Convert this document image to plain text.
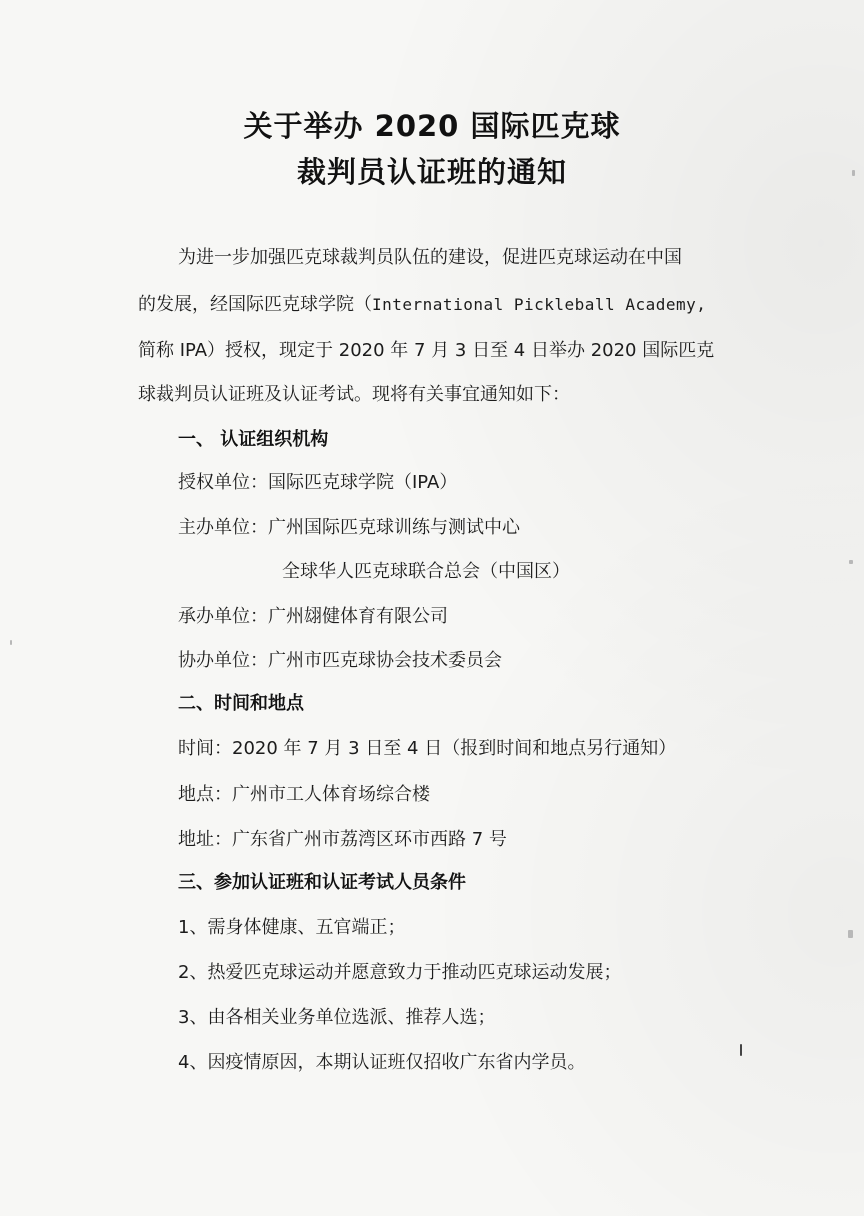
关于举办 2020 国际匹克球
裁判员认证班的通知

为进一步加强匹克球裁判员队伍的建设，促进匹克球运动在中国

的发展，经国际匹克球学院（International Pickleball Academy,

简称 IPA）授权，现定于 2020 年 7 月 3 日至 4 日举办 2020 国际匹克

球裁判员认证班及认证考试。现将有关事宜通知如下：

一、 认证组织机构

授权单位：国际匹克球学院（IPA）

主办单位：广州国际匹克球训练与测试中心

全球华人匹克球联合总会（中国区）

承办单位：广州翃健体育有限公司

协办单位：广州市匹克球协会技术委员会

二、时间和地点

时间：2020 年 7 月 3 日至 4 日（报到时间和地点另行通知）

地点：广州市工人体育场综合楼

地址：广东省广州市荔湾区环市西路 7 号

三、参加认证班和认证考试人员条件

1、需身体健康、五官端正；

2、热爱匹克球运动并愿意致力于推动匹克球运动发展；

3、由各相关业务单位选派、推荐人选；

4、因疫情原因，本期认证班仅招收广东省内学员。
